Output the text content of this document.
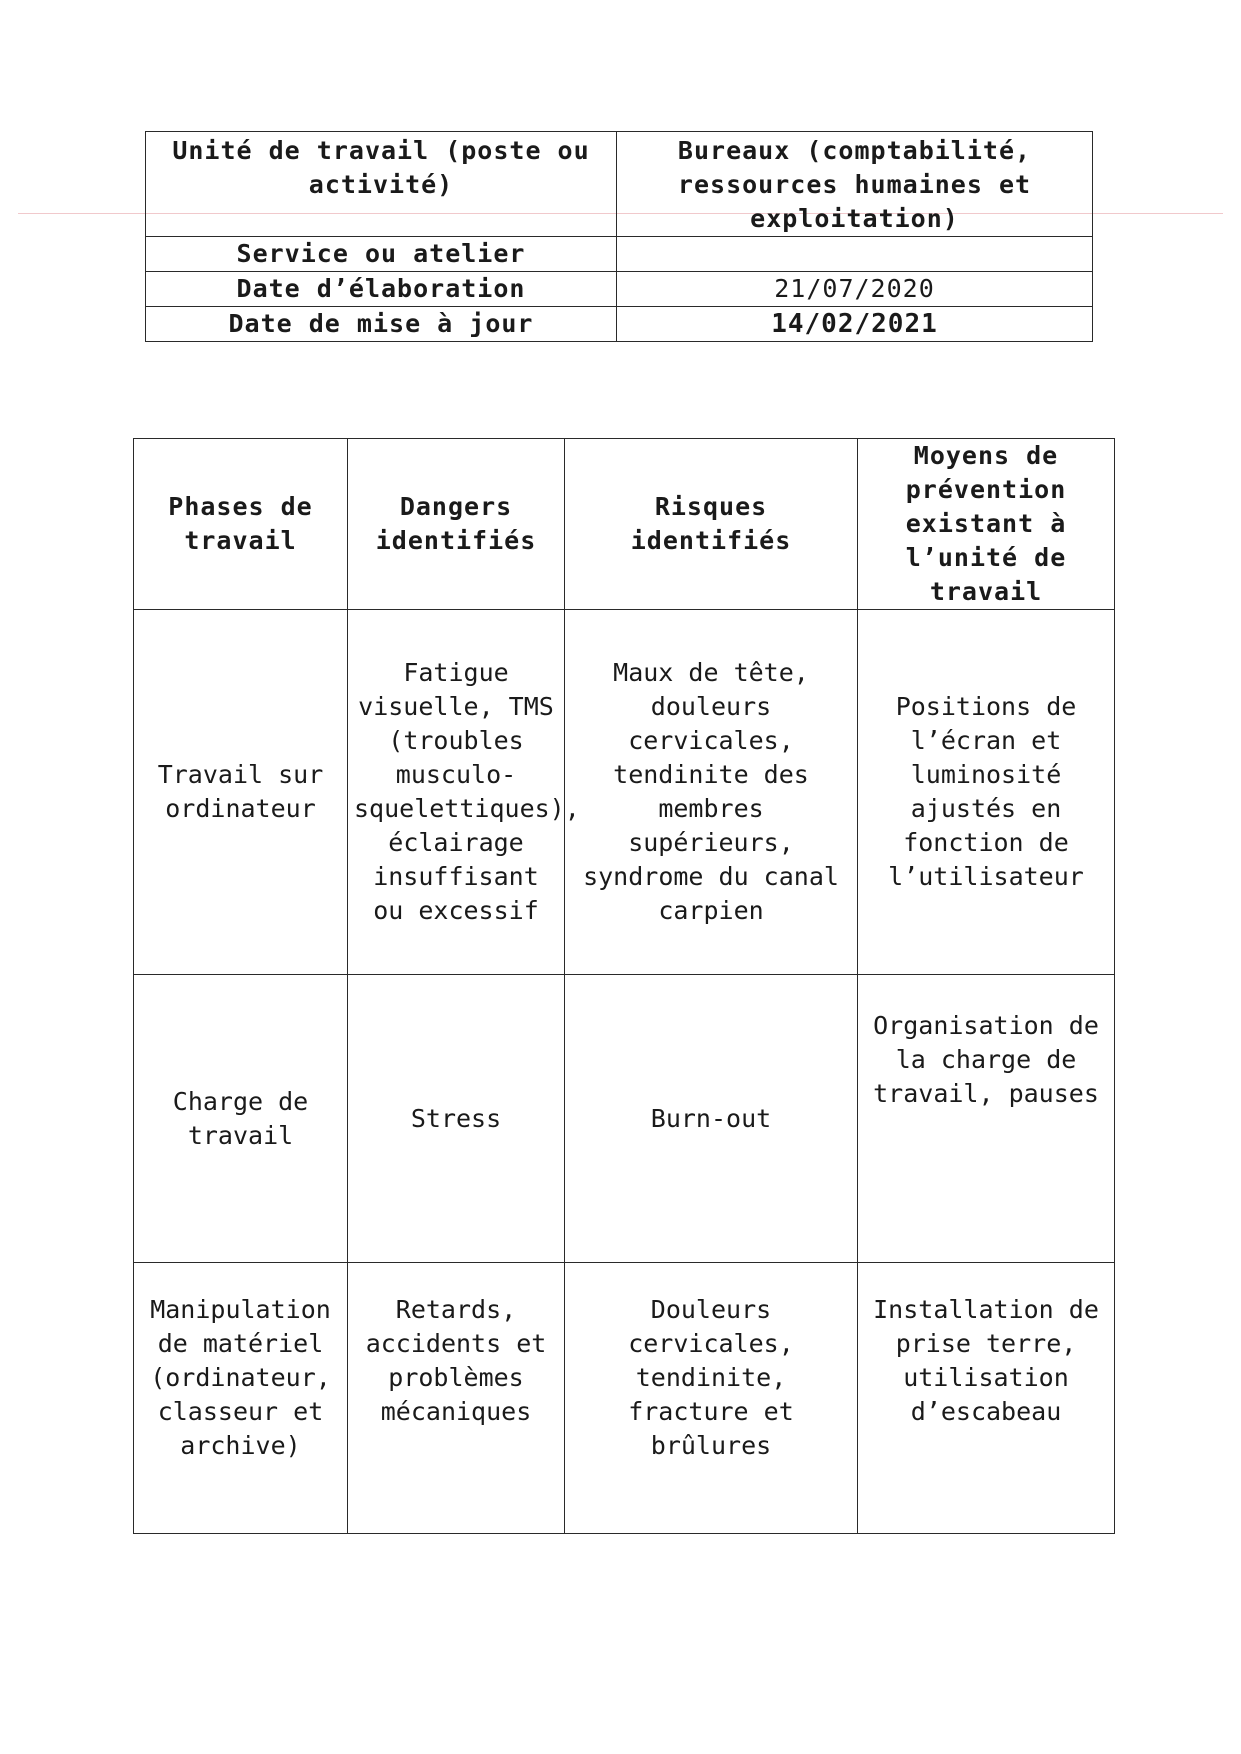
Unité de travail (poste ou activité)	Bureaux (comptabilité, ressources humaines et exploitation)
Service ou atelier	
Date d’élaboration	21/07/2020
Date de mise à jour	14/02/2021
Phases de travail	Dangers identifiés	Risques identifiés	Moyens de prévention existant à l’unité de travail
Travail sur ordinateur	Fatigue visuelle, TMS (troubles musculo-squelettiques), éclairage insuffisant ou excessif	Maux de tête, douleurs cervicales, tendinite des membres supérieurs, syndrome du canal carpien	Positions de l’écran et luminosité ajustés en fonction de l’utilisateur
Charge de travail	Stress	Burn-out	Organisation de la charge de travail, pauses
Manipulation de matériel (ordinateur, classeur et archive)	Retards, accidents et problèmes mécaniques	Douleurs cervicales, tendinite, fracture et brûlures	Installation de prise terre, utilisation d’escabeau
